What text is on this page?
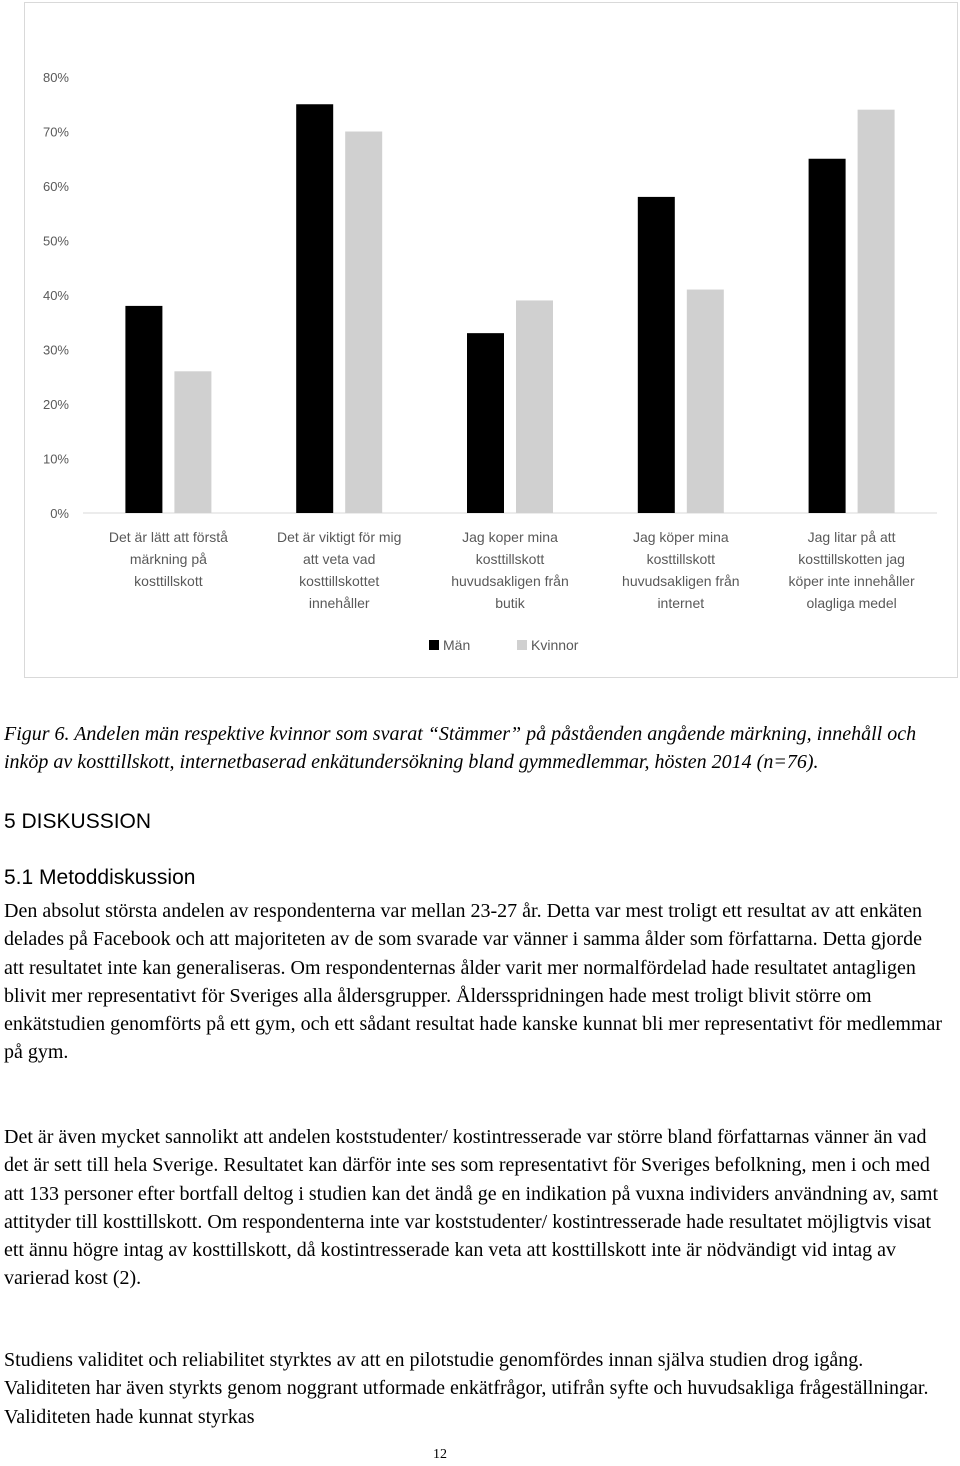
0%
10%
20%
30%
40%
50%
60%
70%
80%
Det är lätt att förstå märkning på kosttillskott
Det är viktigt för mig att veta vad kosttillskottet innehåller
Jag koper mina kosttillskott huvudsakligen från butik
Jag köper mina kosttillskott huvudsakligen från internet
Jag litar på att kosttillskotten jag köper inte innehåller olagliga medel
Män	Kvinnor

Figur 6. Andelen män respektive kvinnor som svarat “Stämmer” på påståenden angående märkning, innehåll och inköp av kosttillskott, internetbaserad enkätundersökning bland gymmedlemmar, hösten 2014 (n=76).

5 DISKUSSION
5.1 Metoddiskussion

Den absolut största andelen av respondenterna var mellan 23-27 år. Detta var mest troligt ett resultat av att enkäten delades på Facebook och att majoriteten av de som svarade var vänner i samma ålder som författarna. Detta gjorde att resultatet inte kan generaliseras. Om respondenternas ålder varit mer normalfördelad hade resultatet antagligen blivit mer representativt för Sveriges alla åldersgrupper. Åldersspridningen hade mest troligt blivit större om enkätstudien genomförts på ett gym, och ett sådant resultat hade kanske kunnat bli mer representativt för medlemmar på gym.

Det är även mycket sannolikt att andelen koststudenter/ kostintresserade var större bland författarnas vänner än vad det är sett till hela Sverige. Resultatet kan därför inte ses som representativt för Sveriges befolkning, men i och med att 133 personer efter bortfall deltog i studien kan det ändå ge en indikation på vuxna individers användning av, samt attityder till kosttillskott. Om respondenterna inte var koststudenter/ kostintresserade hade resultatet möjligtvis visat ett ännu högre intag av kosttillskott, då kostintresserade kan veta att kosttillskott inte är nödvändigt vid intag av varierad kost (2).

Studiens validitet och reliabilitet styrktes av att en pilotstudie genomfördes innan själva studien drog igång. Validiteten har även styrkts genom noggrant utformade enkätfrågor, utifrån syfte och huvudsakliga frågeställningar. Validiteten hade kunnat styrkas

12
